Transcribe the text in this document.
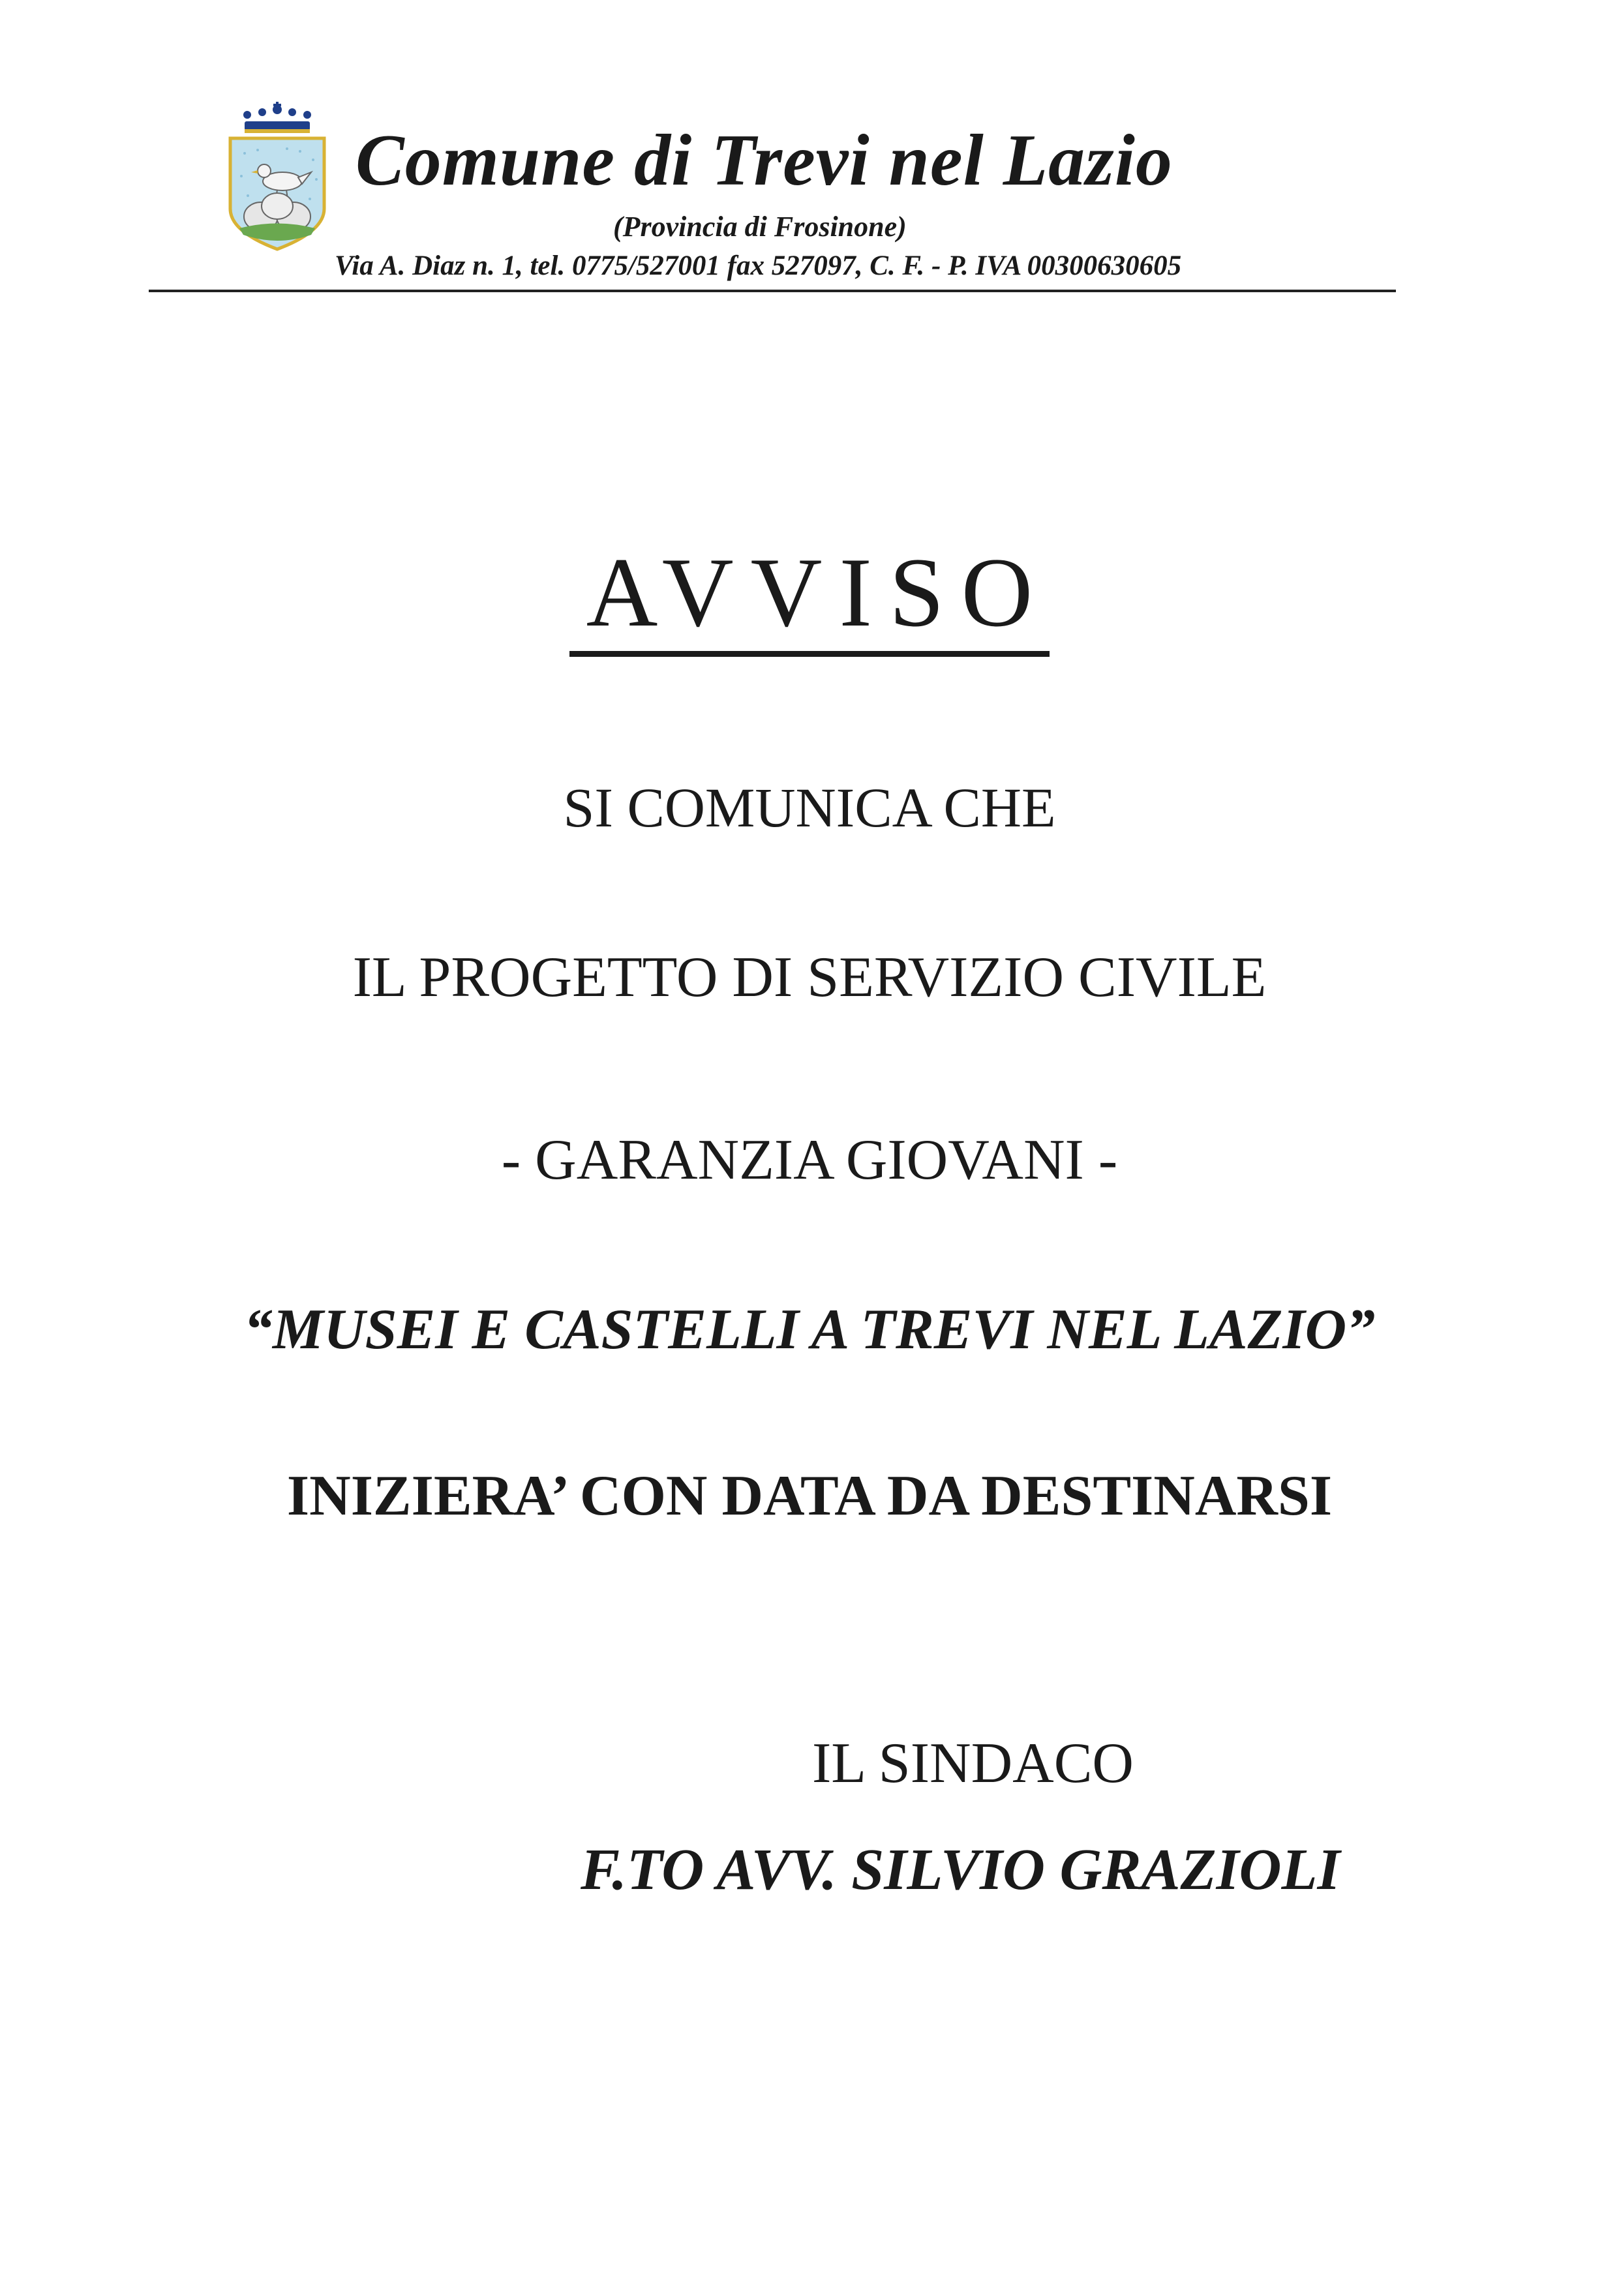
Comune di Trevi nel Lazio
(Provincia di Frosinone)
Via A. Diaz n. 1, tel. 0775/527001 fax 527097, C. F. - P. IVA 00300630605
AVVISO
SI COMUNICA CHE
IL PROGETTO DI SERVIZIO CIVILE
- GARANZIA GIOVANI -
“MUSEI E CASTELLI A TREVI NEL LAZIO”
INIZIERA’ CON DATA DA DESTINARSI
IL SINDACO
F.TO AVV. SILVIO GRAZIOLI
